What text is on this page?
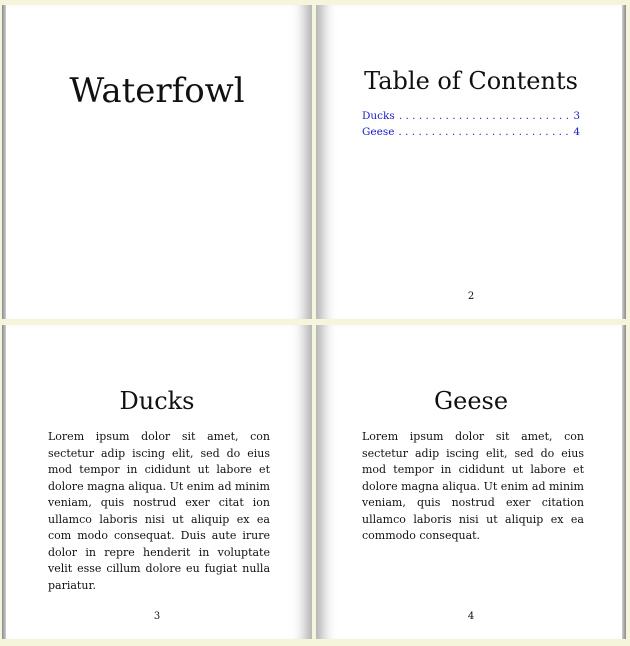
Waterfowl	Table of Contents
Ducks . . .	3
Geese . . .	4
2
Ducks
Lorem ipsum dolor sit amet, con sectetur adip iscing elit, sed do eius mod tempor in cididunt ut labore et dolore magna aliqua. Ut enim ad minim veniam, quis nostrud exer citat ion ullamco laboris nisi ut aliquip ex ea com modo consequat. Duis aute irure dolor in repre henderit in voluptate velit esse cillum dolore eu fugiat nulla pariatur.
3
Geese
Lorem ipsum dolor sit amet, con sectetur adip iscing elit, sed do eius mod tempor in cididunt ut labore et dolore magna aliqua. Ut enim ad minim veniam, quis nostrud exer citation ullamco laboris nisi ut aliquip ex ea commodo consequat.
4
